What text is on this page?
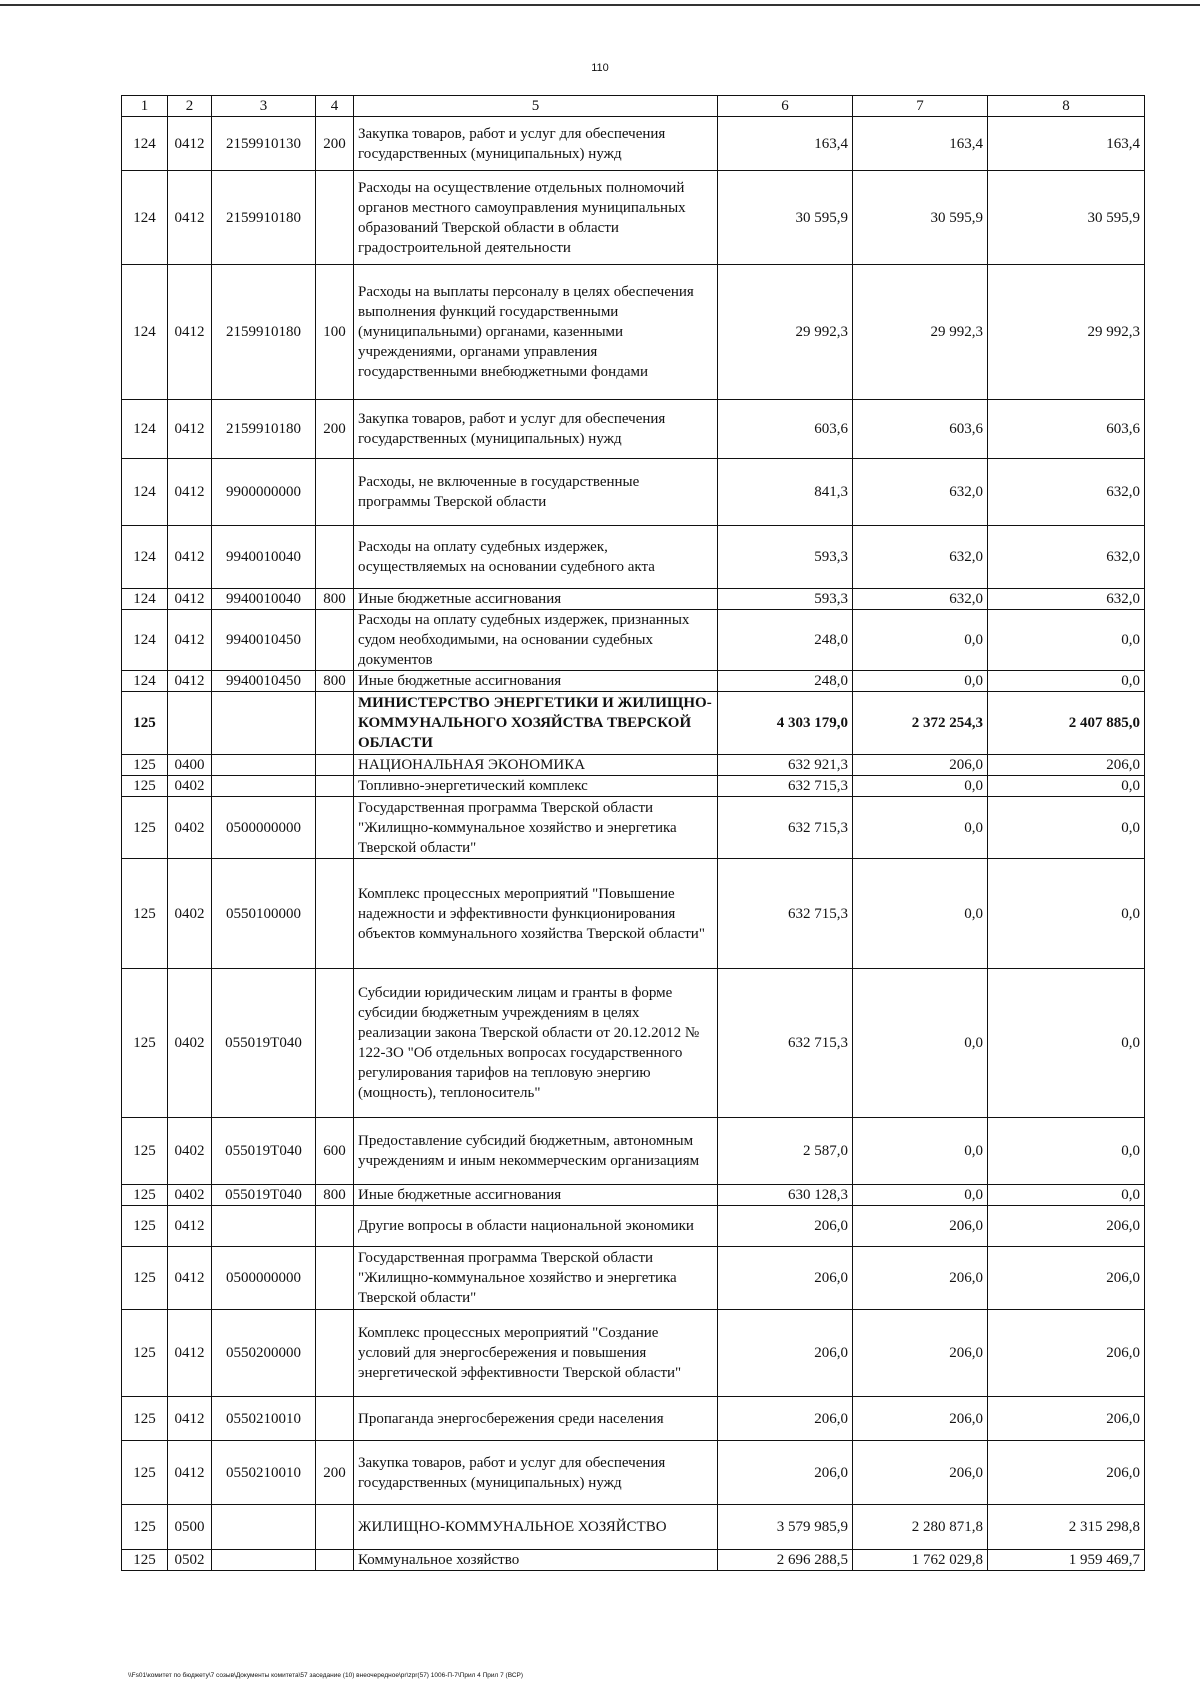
110
1	2	3	4	5	6	7	8
124	0412	2159910130	200	Закупка товаров, работ и услуг для обеспечения государственных (муниципальных) нужд	163,4	163,4	163,4
124	0412	2159910180		Расходы на осуществление отдельных полномочий органов местного самоуправления муниципальных образований Тверской области в области градостроительной деятельности	30 595,9	30 595,9	30 595,9
124	0412	2159910180	100	Расходы на выплаты персоналу в целях обеспечения выполнения функций государственными (муниципальными) органами, казенными учреждениями, органами управления государственными внебюджетными фондами	29 992,3	29 992,3	29 992,3
124	0412	2159910180	200	Закупка товаров, работ и услуг для обеспечения государственных (муниципальных) нужд	603,6	603,6	603,6
124	0412	9900000000		Расходы, не включенные в государственные программы Тверской области	841,3	632,0	632,0
124	0412	9940010040		Расходы на оплату судебных издержек, осуществляемых на основании судебного акта	593,3	632,0	632,0
124	0412	9940010040	800	Иные бюджетные ассигнования	593,3	632,0	632,0
124	0412	9940010450		Расходы на оплату судебных издержек, признанных судом необходимыми, на основании судебных документов	248,0	0,0	0,0
124	0412	9940010450	800	Иные бюджетные ассигнования	248,0	0,0	0,0
125				МИНИСТЕРСТВО ЭНЕРГЕТИКИ И ЖИЛИЩНО-КОММУНАЛЬНОГО ХОЗЯЙСТВА ТВЕРСКОЙ ОБЛАСТИ	4 303 179,0	2 372 254,3	2 407 885,0
125	0400			НАЦИОНАЛЬНАЯ ЭКОНОМИКА	632 921,3	206,0	206,0
125	0402			Топливно-энергетический комплекс	632 715,3	0,0	0,0
125	0402	0500000000		Государственная программа Тверской области "Жилищно-коммунальное хозяйство и энергетика Тверской области"	632 715,3	0,0	0,0
125	0402	0550100000		Комплекс процессных мероприятий "Повышение надежности и эффективности функционирования объектов коммунального хозяйства Тверской области"	632 715,3	0,0	0,0
125	0402	055019Т040		Субсидии юридическим лицам и гранты в форме субсидии бюджетным учреждениям в целях реализации закона Тверской области от 20.12.2012 № 122-ЗО "Об отдельных вопросах государственного регулирования тарифов на тепловую энергию (мощность), теплоноситель"	632 715,3	0,0	0,0
125	0402	055019Т040	600	Предоставление субсидий бюджетным, автономным учреждениям и иным некоммерческим организациям	2 587,0	0,0	0,0
125	0402	055019Т040	800	Иные бюджетные ассигнования	630 128,3	0,0	0,0
125	0412			Другие вопросы в области национальной экономики	206,0	206,0	206,0
125	0412	0500000000		Государственная программа Тверской области "Жилищно-коммунальное хозяйство и энергетика Тверской области"	206,0	206,0	206,0
125	0412	0550200000		Комплекс процессных мероприятий "Создание условий для энергосбережения и повышения энергетической эффективности Тверской области"	206,0	206,0	206,0
125	0412	0550210010		Пропаганда энергосбережения среди населения	206,0	206,0	206,0
125	0412	0550210010	200	Закупка товаров, работ и услуг для обеспечения государственных (муниципальных) нужд	206,0	206,0	206,0
125	0500			ЖИЛИЩНО-КОММУНАЛЬНОЕ ХОЗЯЙСТВО	3 579 985,9	2 280 871,8	2 315 298,8
125	0502			Коммунальное хозяйство	2 696 288,5	1 762 029,8	1 959 469,7
\\Fs01\комитет по бюджету\7 созыв\Документы комитета\57 заседание (10) внеочередное\pr\zpr(57) 1006-П-7\Прил 4 Прил 7 (ВСР)
